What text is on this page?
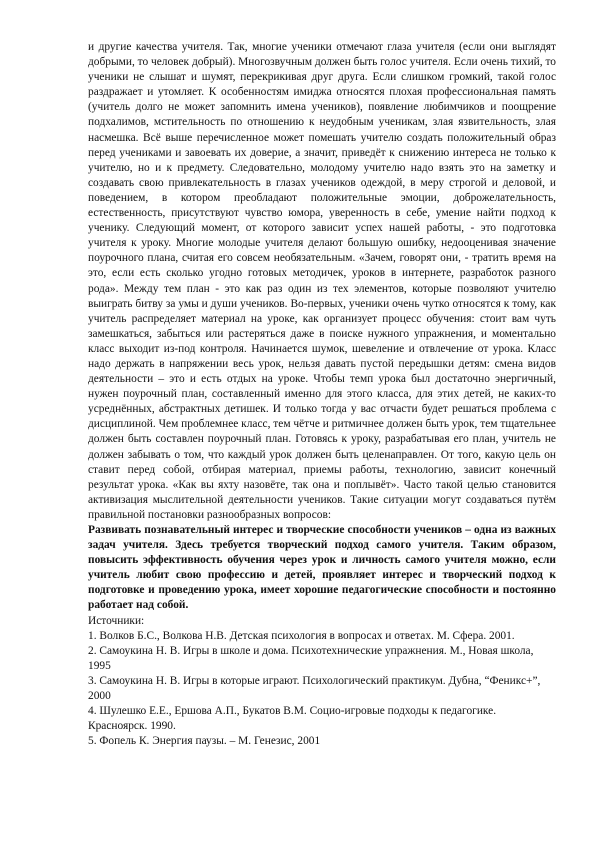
и другие качества учителя. Так, многие ученики отмечают глаза учителя (если они выглядят добрыми, то человек добрый). Многозвучным должен быть голос учителя. Если очень тихий, то ученики не слышат и шумят, перекрикивая друг друга. Если слишком громкий, такой голос раздражает и утомляет. К особенностям имиджа относятся плохая профессиональная память (учитель долго не может запомнить имена учеников), появление любимчиков и поощрение подхалимов, мстительность по отношению к неудобным ученикам, злая язвительность, злая насмешка. Всё выше перечисленное может помешать учителю создать положительный образ перед учениками и завоевать их доверие, а значит, приведёт к снижению интереса не только к учителю, но и к предмету. Следовательно, молодому учителю надо взять это на заметку и создавать свою привлекательность в глазах учеников одеждой, в меру строгой и деловой, и поведением, в котором преобладают положительные эмоции, доброжелательность, естественность, присутствуют чувство юмора, уверенность в себе, умение найти подход к ученику. Следующий момент, от которого зависит успех нашей работы, - это подготовка учителя к уроку. Многие молодые учителя делают большую ошибку, недооценивая значение поурочного плана, считая его совсем необязательным. «Зачем, говорят они, - тратить время на это, если есть сколько угодно готовых методичек, уроков в интернете, разработок разного рода». Между тем план - это как раз один из тех элементов, которые позволяют учителю выиграть битву за умы и души учеников. Во-первых, ученики очень чутко относятся к тому, как учитель распределяет материал на уроке, как организует процесс обучения: стоит вам чуть замешкаться, забыться или растеряться даже в поиске нужного упражнения, и моментально класс выходит из-под контроля. Начинается шумок, шевеление и отвлечение от урока. Класс надо держать в напряжении весь урок, нельзя давать пустой передышки детям: смена видов деятельности – это и есть отдых на уроке. Чтобы темп урока был достаточно энергичный, нужен поурочный план, составленный именно для этого класса, для этих детей, не каких-то усреднённых, абстрактных детишек. И только тогда у вас отчасти будет решаться проблема с дисциплиной. Чем проблемнее класс, тем чётче и ритмичнее должен быть урок, тем тщательнее должен быть составлен поурочный план. Готовясь к уроку, разрабатывая его план, учитель не должен забывать о том, что каждый урок должен быть целенаправлен. От того, какую цель он ставит перед собой, отбирая материал, приемы работы, технологию, зависит конечный результат урока. «Как вы яхту назовёте, так она и поплывёт». Часто такой целью становится активизация мыслительной деятельности учеников. Такие ситуации могут создаваться путём правильной постановки разнообразных вопросов:

Развивать познавательный интерес и творческие способности учеников – одна из важных задач учителя. Здесь требуется творческий подход самого учителя. Таким образом, повысить эффективность обучения через урок и личность самого учителя можно, если учитель любит свою профессию и детей, проявляет интерес и творческий подход к подготовке и проведению урока, имеет хорошие педагогические способности и постоянно работает над собой.

Источники:

1. Волков Б.С., Волкова Н.В. Детская психология в вопросах и ответах. М. Сфера. 2001.
2. Самоукина Н. В. Игры в школе и дома. Психотехнические упражнения. М., Новая школа, 1995
3. Самоукина Н. В. Игры в которые играют. Психологический практикум. Дубна, “Феникс+”, 2000
4. Шулешко Е.Е., Ершова А.П., Букатов В.М. Социо-игровые подходы к педагогике. Красноярск. 1990.
5. Фопель К. Энергия паузы. – М. Генезис, 2001
